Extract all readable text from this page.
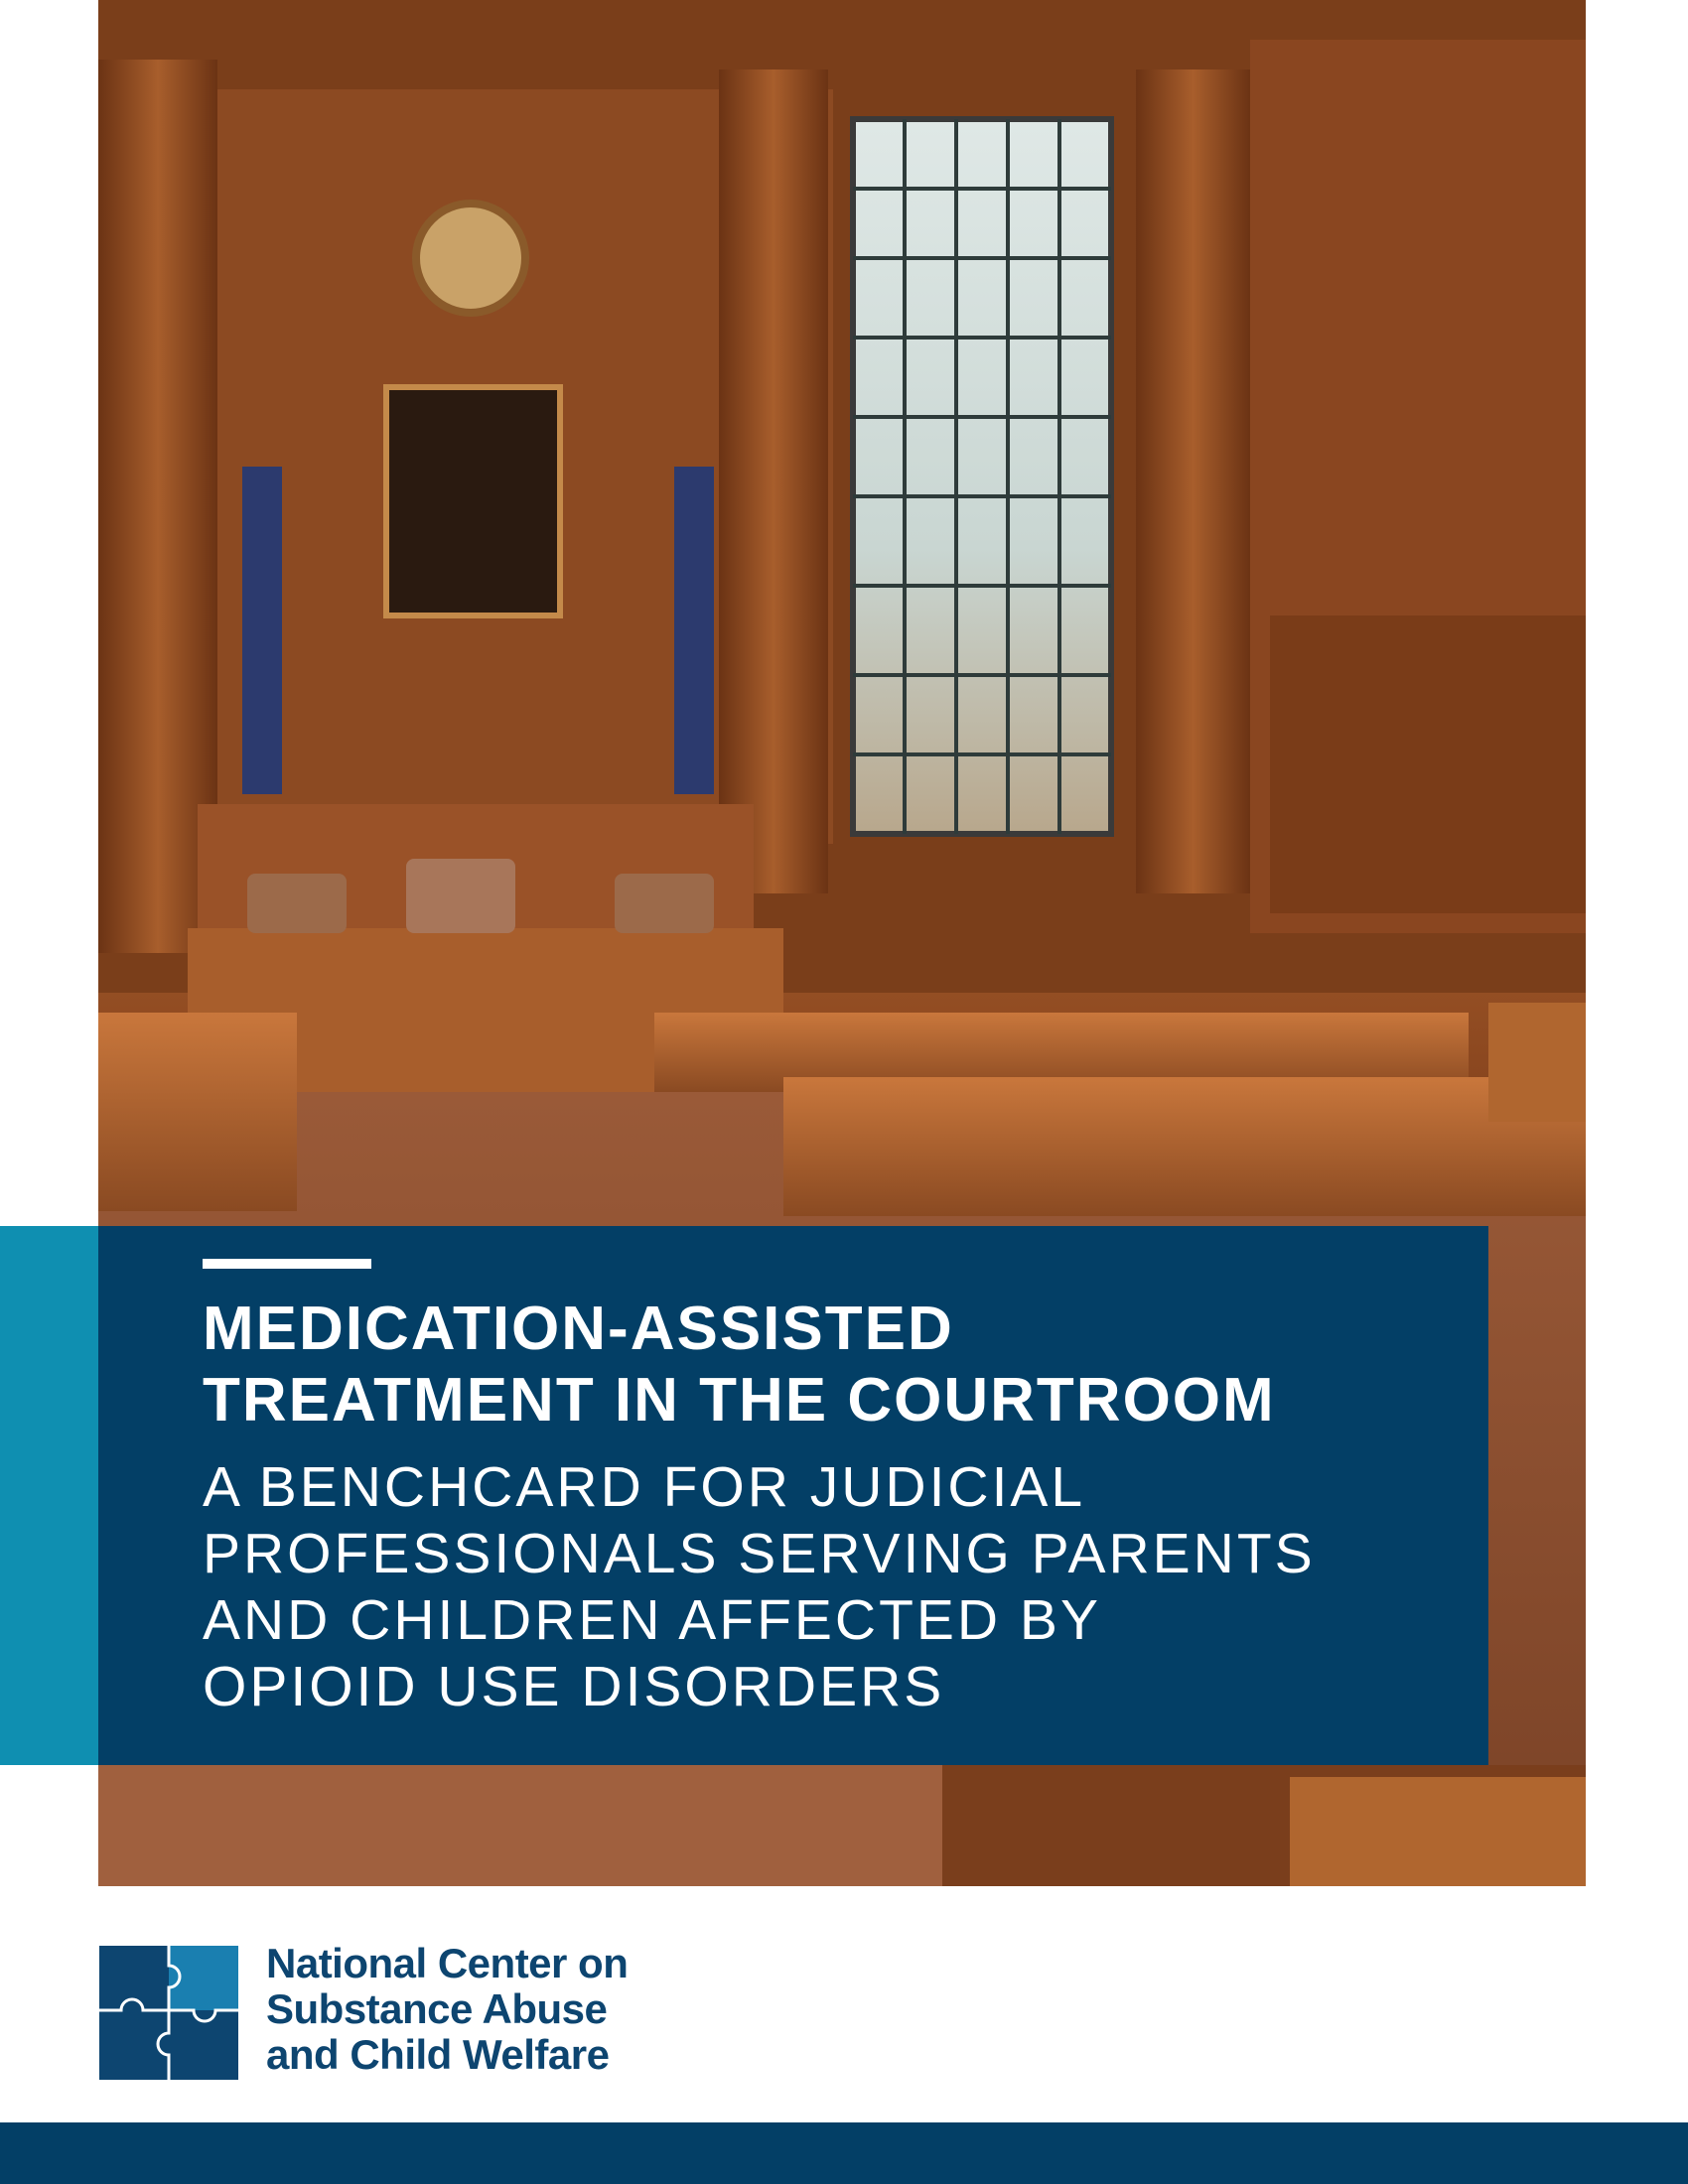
MEDICATION-ASSISTED
TREATMENT IN THE COURTROOM
A BENCHCARD FOR JUDICIAL
PROFESSIONALS SERVING PARENTS
AND CHILDREN AFFECTED BY
OPIOID USE DISORDERS

National Center on
Substance Abuse
and Child Welfare
